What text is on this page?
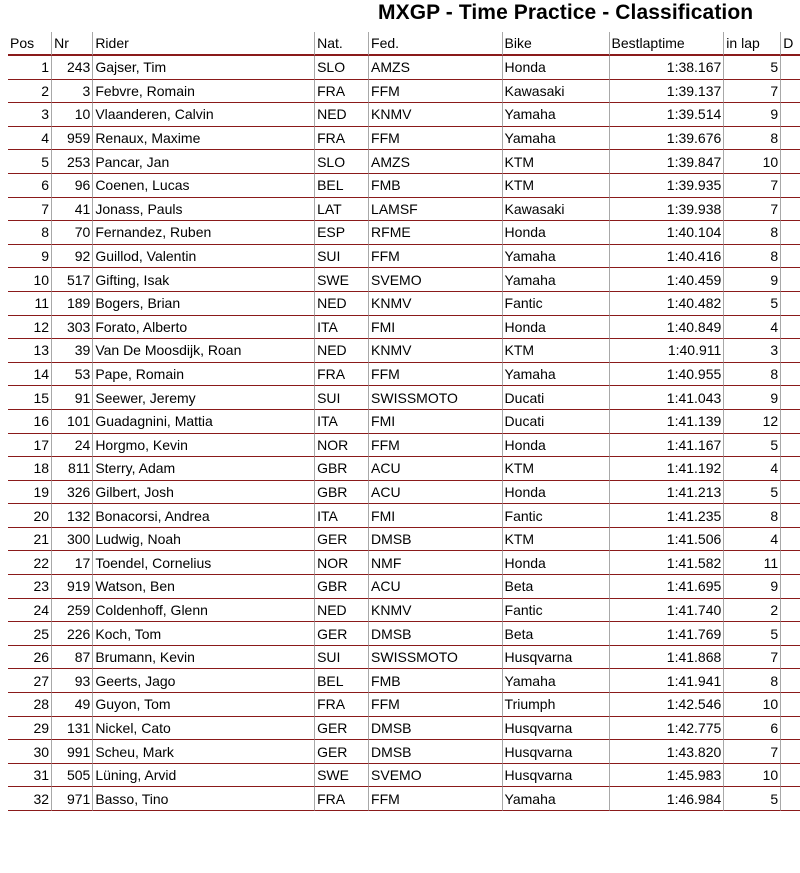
MXGP - Time Practice - Classification
Pos	Nr	Rider	Nat.	Fed.	Bike	Bestlaptime	in lap	D
1	243	Gajser, Tim	SLO	AMZS	Honda	1:38.167	5	
2	3	Febvre, Romain	FRA	FFM	Kawasaki	1:39.137	7	
3	10	Vlaanderen, Calvin	NED	KNMV	Yamaha	1:39.514	9	
4	959	Renaux, Maxime	FRA	FFM	Yamaha	1:39.676	8	
5	253	Pancar, Jan	SLO	AMZS	KTM	1:39.847	10	
6	96	Coenen, Lucas	BEL	FMB	KTM	1:39.935	7	
7	41	Jonass, Pauls	LAT	LAMSF	Kawasaki	1:39.938	7	
8	70	Fernandez, Ruben	ESP	RFME	Honda	1:40.104	8	
9	92	Guillod, Valentin	SUI	FFM	Yamaha	1:40.416	8	
10	517	Gifting, Isak	SWE	SVEMO	Yamaha	1:40.459	9	
11	189	Bogers, Brian	NED	KNMV	Fantic	1:40.482	5	
12	303	Forato, Alberto	ITA	FMI	Honda	1:40.849	4	
13	39	Van De Moosdijk, Roan	NED	KNMV	KTM	1:40.911	3	
14	53	Pape, Romain	FRA	FFM	Yamaha	1:40.955	8	
15	91	Seewer, Jeremy	SUI	SWISSMOTO	Ducati	1:41.043	9	
16	101	Guadagnini, Mattia	ITA	FMI	Ducati	1:41.139	12	
17	24	Horgmo, Kevin	NOR	FFM	Honda	1:41.167	5	
18	811	Sterry, Adam	GBR	ACU	KTM	1:41.192	4	
19	326	Gilbert, Josh	GBR	ACU	Honda	1:41.213	5	
20	132	Bonacorsi, Andrea	ITA	FMI	Fantic	1:41.235	8	
21	300	Ludwig, Noah	GER	DMSB	KTM	1:41.506	4	
22	17	Toendel, Cornelius	NOR	NMF	Honda	1:41.582	11	
23	919	Watson, Ben	GBR	ACU	Beta	1:41.695	9	
24	259	Coldenhoff, Glenn	NED	KNMV	Fantic	1:41.740	2	
25	226	Koch, Tom	GER	DMSB	Beta	1:41.769	5	
26	87	Brumann, Kevin	SUI	SWISSMOTO	Husqvarna	1:41.868	7	
27	93	Geerts, Jago	BEL	FMB	Yamaha	1:41.941	8	
28	49	Guyon, Tom	FRA	FFM	Triumph	1:42.546	10	
29	131	Nickel, Cato	GER	DMSB	Husqvarna	1:42.775	6	
30	991	Scheu, Mark	GER	DMSB	Husqvarna	1:43.820	7	
31	505	Lüning, Arvid	SWE	SVEMO	Husqvarna	1:45.983	10	
32	971	Basso, Tino	FRA	FFM	Yamaha	1:46.984	5	
